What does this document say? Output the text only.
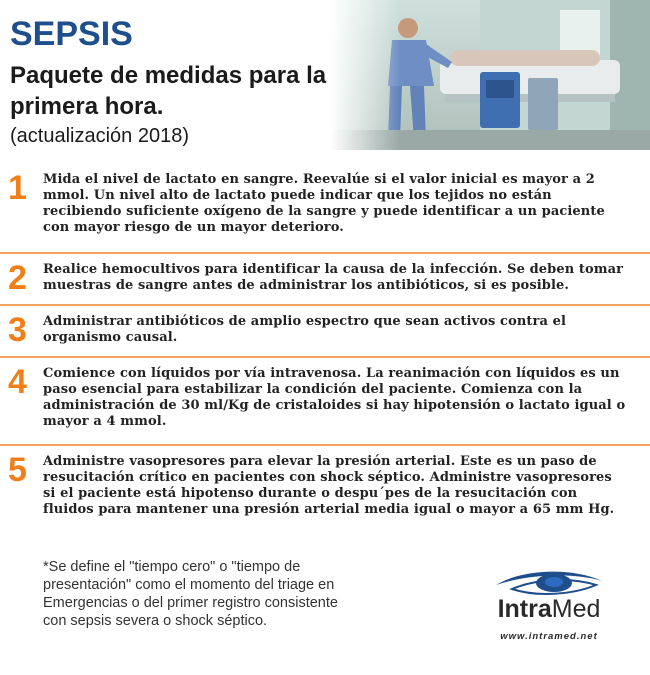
SEPSIS
Paquete de medidas para la primera hora.

(actualización 2018)

1 Mida el nivel de lactato en sangre. Reevalúe si el valor inicial es mayor a 2 mmol. Un nivel alto de lactato puede indicar que los tejidos no están recibiendo suficiente oxígeno de la sangre y puede identificar a un paciente con mayor riesgo de un mayor deterioro.

2 Realice hemocultivos para identificar la causa de la infección. Se deben tomar muestras de sangre antes de administrar los antibióticos, si es posible.

3 Administrar antibióticos de amplio espectro que sean activos contra el organismo causal.

4 Comience con líquidos por vía intravenosa. La reanimación con líquidos es un paso esencial para estabilizar la condición del paciente. Comienza con la administración de 30 ml/Kg de cristaloides si hay hipotensión o lactato igual o mayor a 4 mmol.

5 Administre vasopresores para elevar la presión arterial. Este es un paso de resucitación crítico en pacientes con shock séptico. Administre vasopresores si el paciente está hipotenso durante o despu´pes de la resucitación con fluidos para mantener una presión arterial media igual o mayor a 65 mm Hg.

*Se define el "tiempo cero" o "tiempo de presentación" como el momento del triage en Emergencias o del primer registro consistente con sepsis severa o shock séptico.	IntraMed
www.intramed.net
